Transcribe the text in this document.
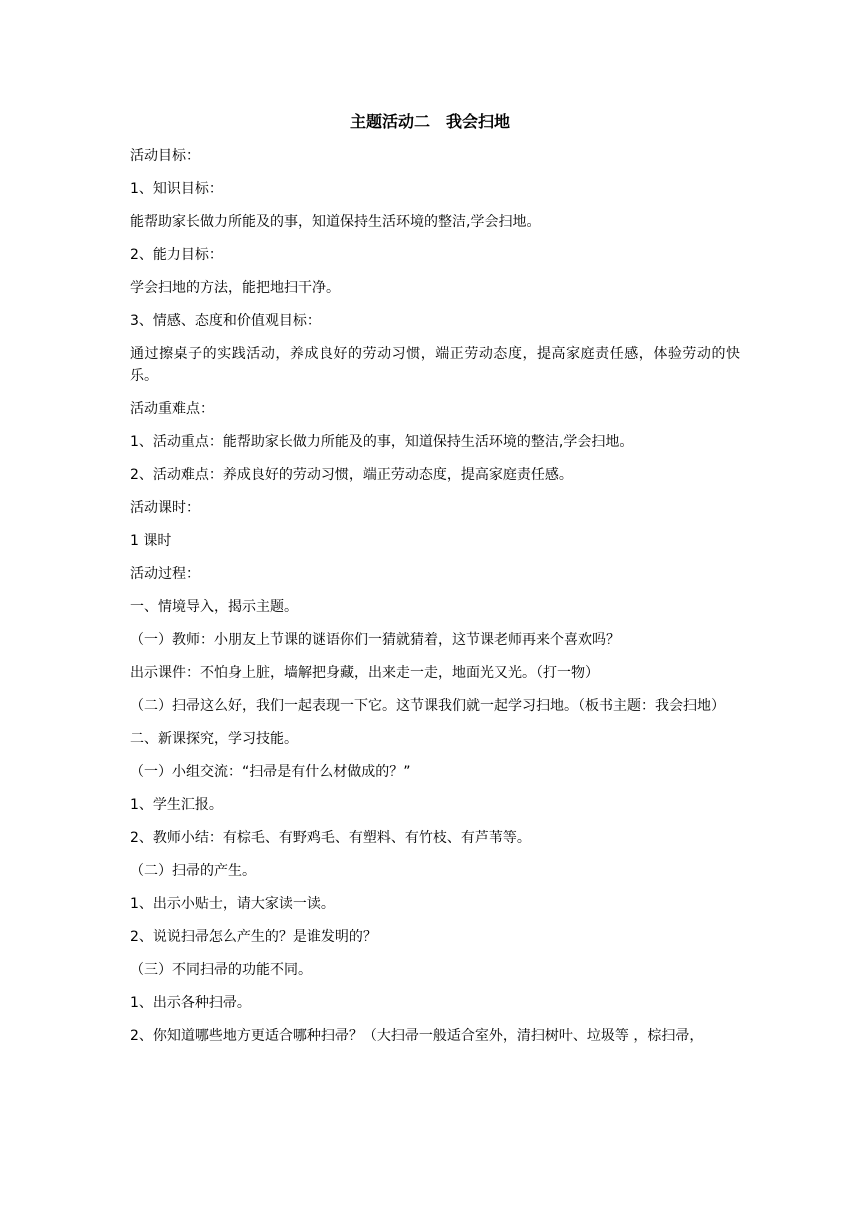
主题活动二　我会扫地

活动目标：

1、知识目标：

能帮助家长做力所能及的事，知道保持生活环境的整洁,学会扫地。

2、能力目标：

学会扫地的方法，能把地扫干净。

3、情感、态度和价值观目标：

通过擦桌子的实践活动，养成良好的劳动习惯，端正劳动态度，提高家庭责任感，体验劳动的快乐。

活动重难点：

1、活动重点：能帮助家长做力所能及的事，知道保持生活环境的整洁,学会扫地。

2、活动难点：养成良好的劳动习惯，端正劳动态度，提高家庭责任感。

活动课时：

1 课时

活动过程：

一、情境导入，揭示主题。

（一）教师：小朋友上节课的谜语你们一猜就猜着，这节课老师再来个喜欢吗？

出示课件：不怕身上脏，墙解把身藏，出来走一走，地面光又光。（打一物）

（二）扫帚这么好，我们一起表现一下它。这节课我们就一起学习扫地。（板书主题：我会扫地）

二、新课探究，学习技能。

（一）小组交流：“扫帚是有什么材做成的？”

1、学生汇报。

2、教师小结：有棕毛、有野鸡毛、有塑料、有竹枝、有芦苇等。

（二）扫帚的产生。

1、出示小贴士，请大家读一读。

2、说说扫帚怎么产生的？是谁发明的？

（三）不同扫帚的功能不同。

1、出示各种扫帚。

2、你知道哪些地方更适合哪种扫帚？（大扫帚一般适合室外，清扫树叶、垃圾等 ，棕扫帚，
